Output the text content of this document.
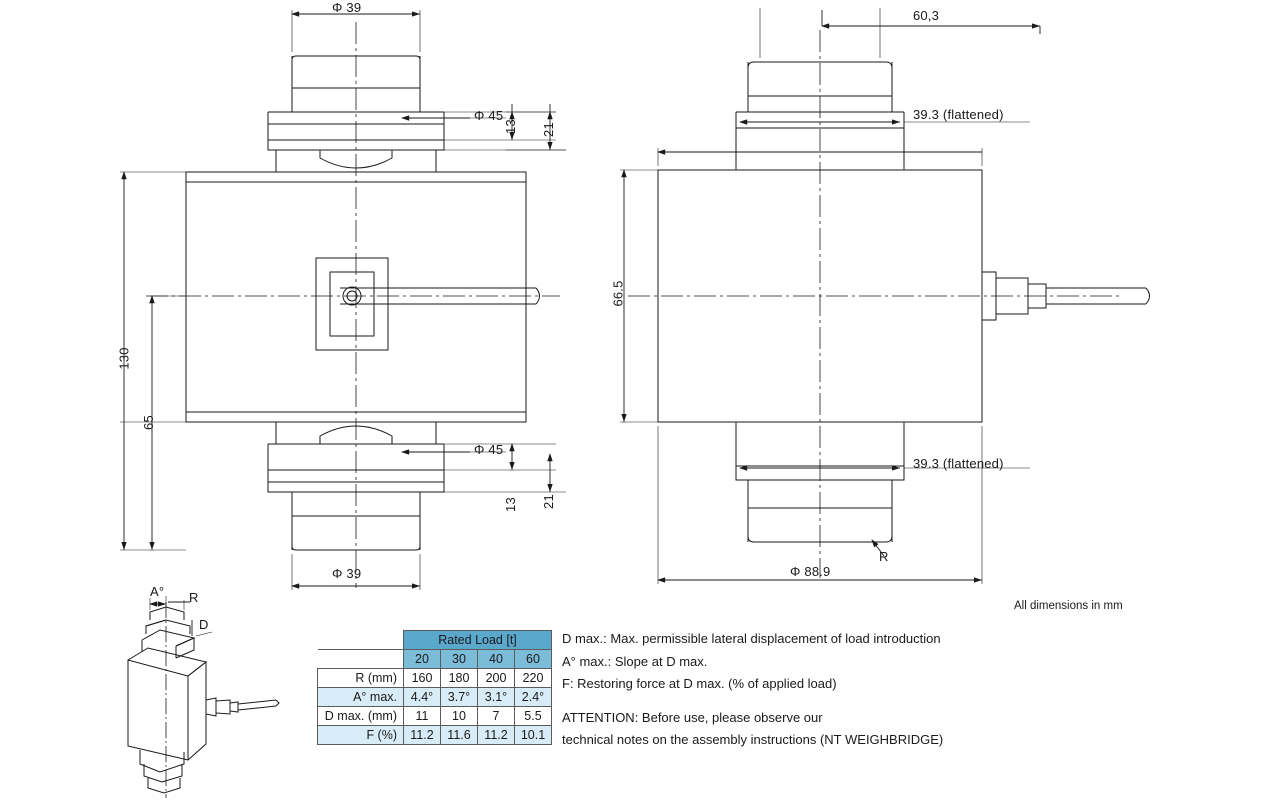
Φ 39
Φ 45
13 21
130
65
Φ 45
13 21
Φ 39
60,3
39.3 (flattened)
66.5
39.3 (flattened)
R
Φ 88.9
A° R
D
All dimensions in mm
	Rated Load [t]			
	20	30	40	60
R (mm)	160	180	200	220
A° max.	4.4°	3.7°	3.1°	2.4°
D max. (mm)	11	10	7	5.5
F (%)	11.2	11.6	11.2	10.1
D max.: Max. permissible lateral displacement of load introduction
A° max.: Slope at D max.
F: Restoring force at D max. (% of applied load)
ATTENTION: Before use, please observe our
technical notes on the assembly instructions (NT WEIGHBRIDGE)
